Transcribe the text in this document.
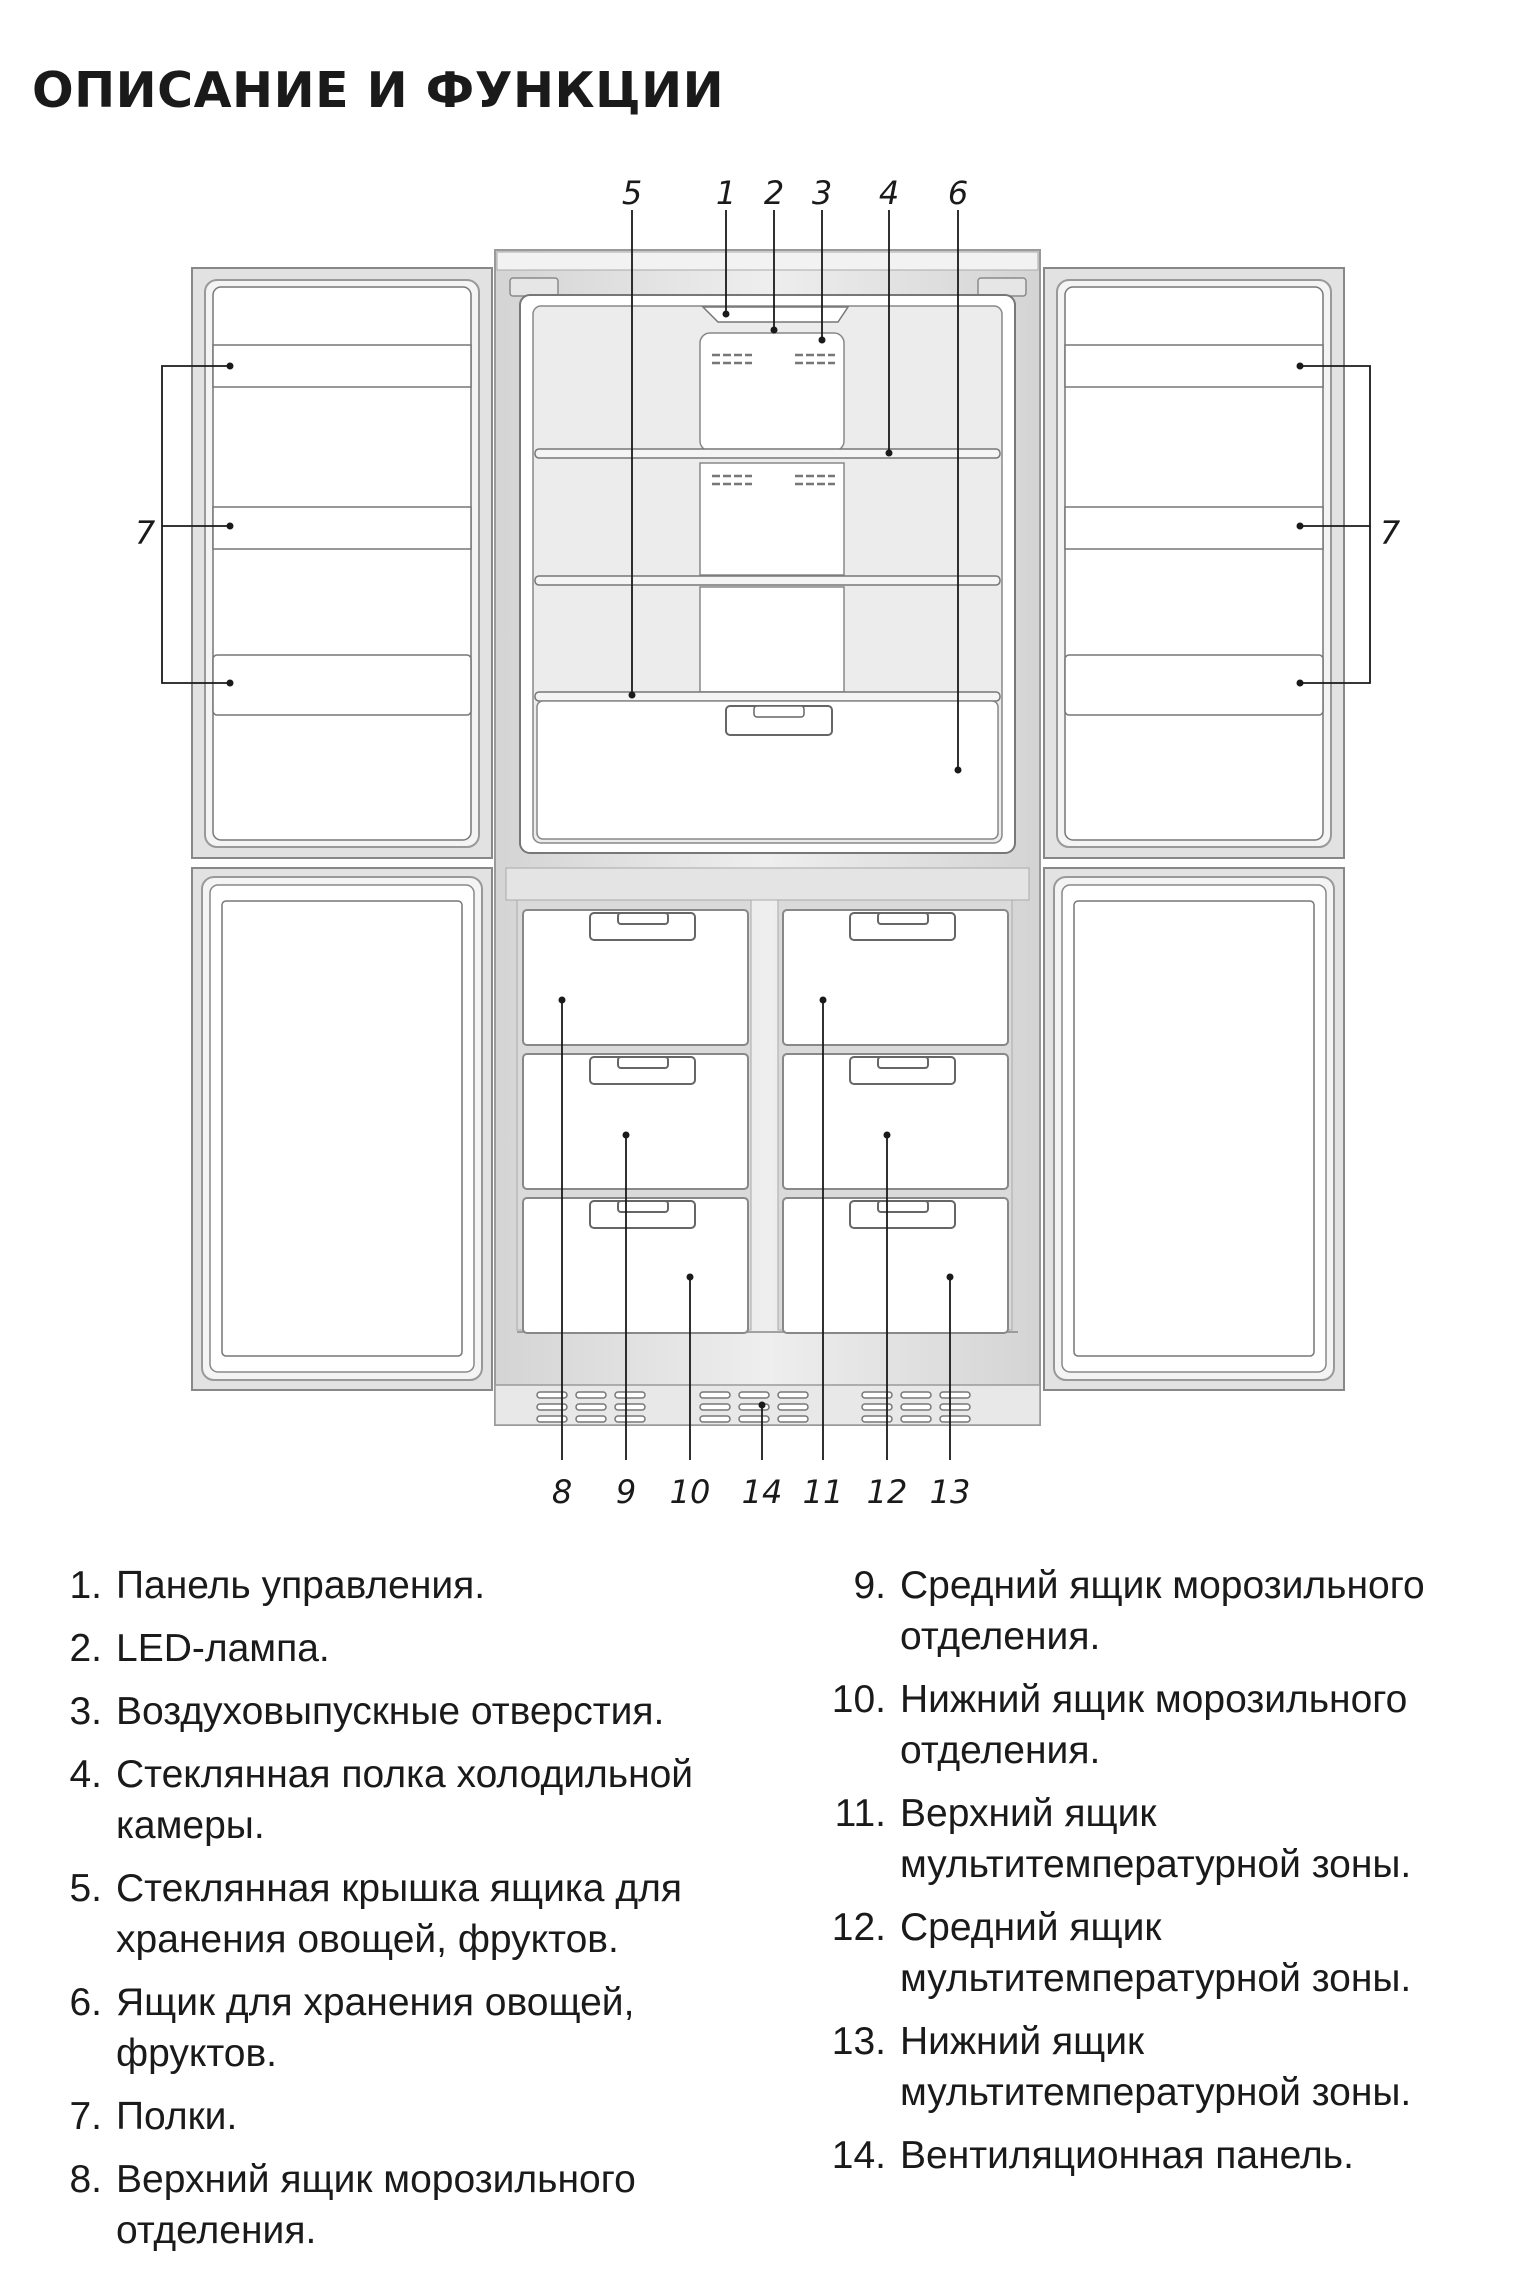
ОПИСАНИЕ И ФУНКЦИИ
5 1 2 3 4 6
7	7
8 9 10 14 11 12 13
1. Панель управления.
2. LED-лампа.
3. Воздуховыпускные отверстия.
4. Стеклянная полка холодильной камеры.
5. Стеклянная крышка ящика для хранения овощей, фруктов.
6. Ящик для хранения овощей, фруктов.
7. Полки.
8. Верхний ящик морозильного отделения.
9. Средний ящик морозильного отделения.
10. Нижний ящик морозильного отделения.
11. Верхний ящик мультитемпературной зоны.
12. Средний ящик мультитемпературной зоны.
13. Нижний ящик мультитемпературной зоны.
14. Вентиляционная панель.
